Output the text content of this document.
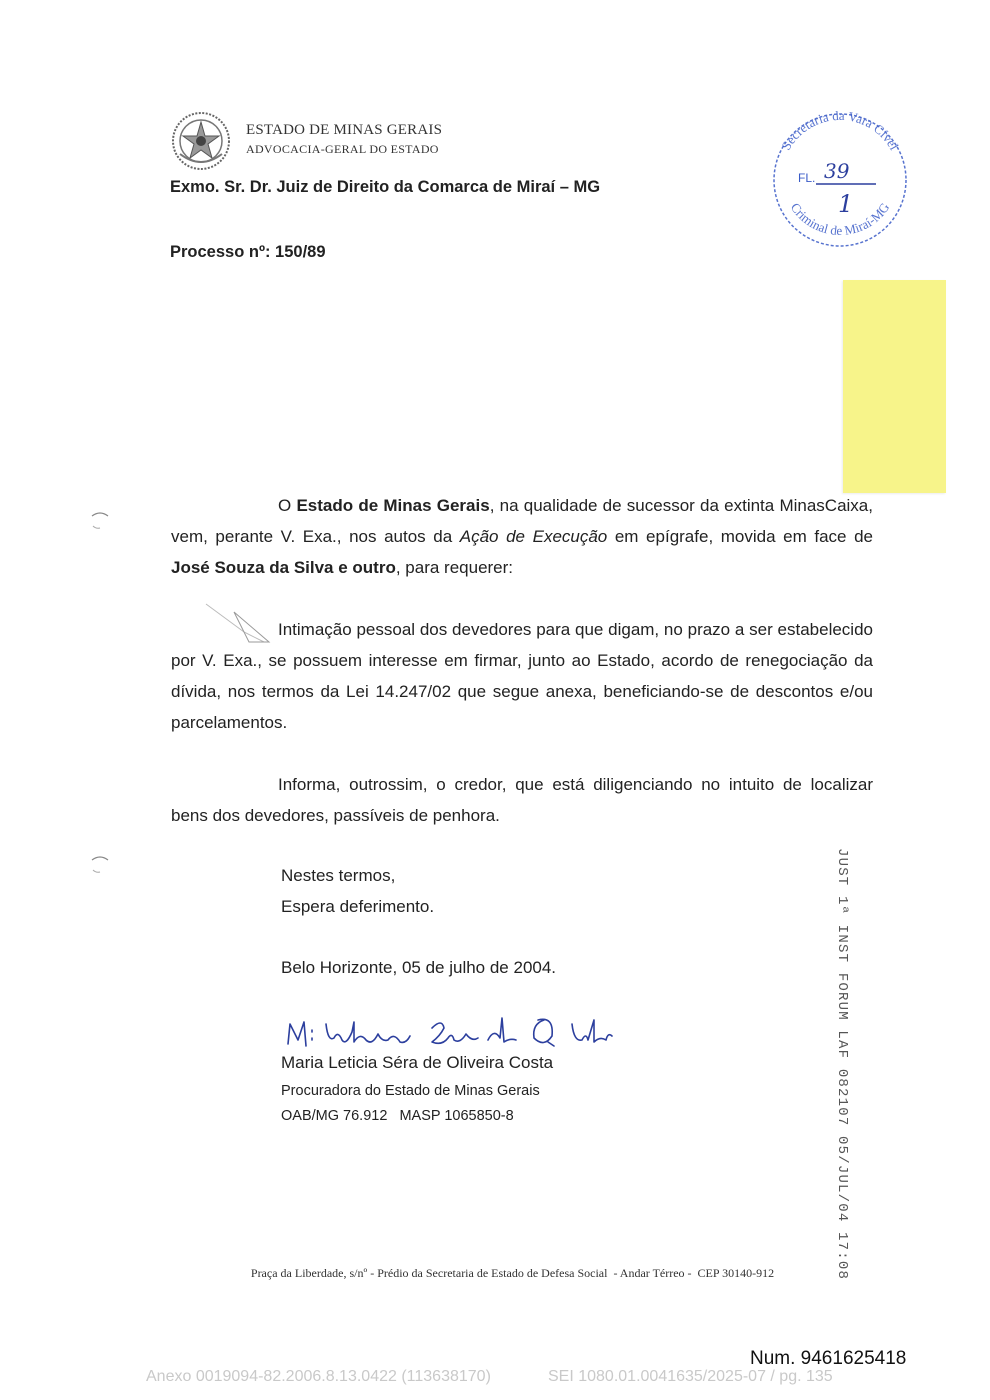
ESTADO DE MINAS GERAIS
ADVOCACIA-GERAL DO ESTADO
Exmo. Sr. Dr. Juiz de Direito da Comarca de Miraí – MG
Processo nº: 150/89
Secretaria da Vara Cível
Criminal de Miraí-MG
FL. 39
1
O Estado de Minas Gerais, na qualidade de sucessor da extinta MinasCaixa, vem, perante V. Exa., nos autos da Ação de Execução em epígrafe, movida em face de José Souza da Silva e outro, para requerer:
Intimação pessoal dos devedores para que digam, no prazo a ser estabelecido por V. Exa., se possuem interesse em firmar, junto ao Estado, acordo de renegociação da dívida, nos termos da Lei 14.247/02 que segue anexa, beneficiando-se de descontos e/ou parcelamentos.
Informa, outrossim, o credor, que está diligenciando no intuito de localizar bens dos devedores, passíveis de penhora.
Nestes termos,
Espera deferimento.
Belo Horizonte, 05 de julho de 2004.
Maria Leticia Séra de Oliveira Costa
Procuradora do Estado de Minas Gerais
OAB/MG 76.912   MASP 1065850-8	JUST 1ª INST FORUM LAF 082107 05/JUL/04 17:08
Praça da Liberdade, s/nº - Prédio da Secretaria de Estado de Defesa Social  - Andar Térreo -  CEP 30140-912
Num. 9461625418
Anexo 0019094-82.2006.8.13.0422 (113638170)	SEI 1080.01.0041635/2025-07 / pg. 135
